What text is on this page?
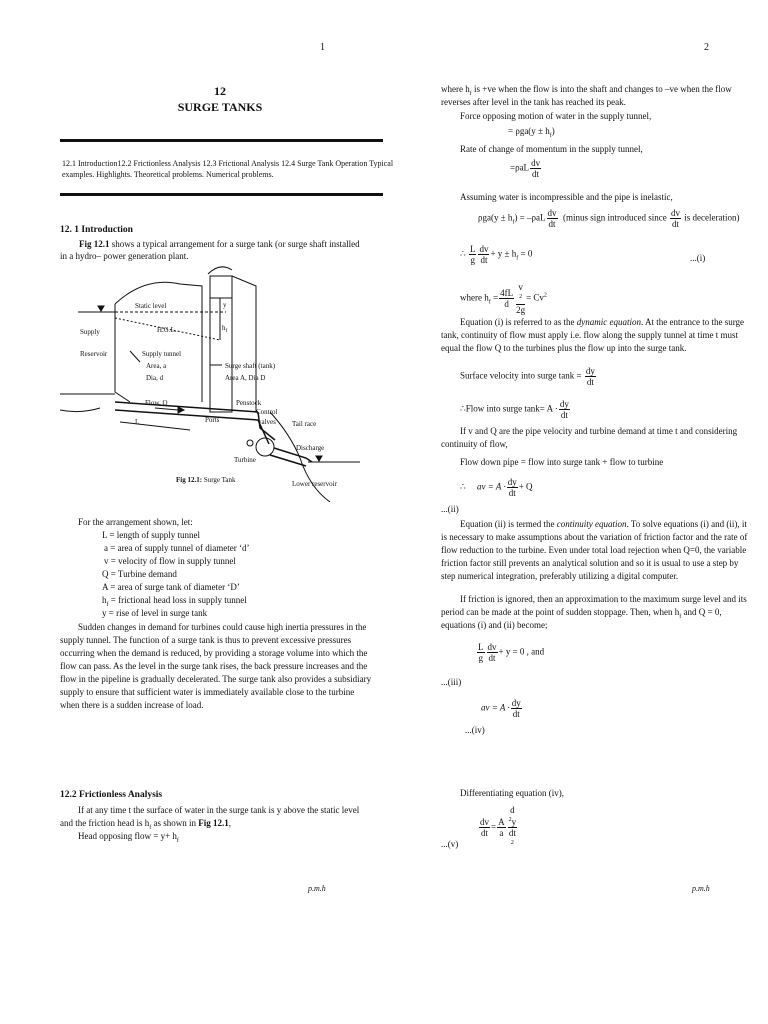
1	2
12
SURGE TANKS
12.1 Introduction12.2 Frictionless Analysis 12.3 Frictional Analysis 12.4 Surge Tank Operation Typical
examples. Highlights. Theoretical problems. Numerical problems.
12. 1 Introduction
Fig 12.1 shows a typical arrangement for a surge tank (or surge shaft installed
in a hydro– power generation plant.
Static level
H.G.L.
Supply
Reservoir	Supply tunnel
Area, a
Dia, d
Flow, Q
L	Ports
y
$h_f$
Surge shaft (tank)
Area A, Dia D
Penstock
Control
valves Tail race
Discharge
Turbine
Lower reservoir
Fig 12.1: Surge Tank
For the arrangement shown, let:
L = length of supply tunnel
a = area of supply tunnel of diameter ‘d’
v = velocity of flow in supply tunnel
Q = Turbine demand
A = area of surge tank of diameter ‘D’
$h_f$ = frictional head loss in supply tunnel
y = rise of level in surge tank
Sudden changes in demand for turbines could cause high inertia pressures in the
supply tunnel. The function of a surge tank is thus to prevent excessive pressures
occurring when the demand is reduced, by providing a storage volume into which the
flow can pass. As the level in the surge tank rises, the back pressure increases and the
flow in the pipeline is gradually decelerated. The surge tank also provides a subsidiary
supply to ensure that sufficient water is immediately available close to the turbine
when there is a sudden increase of load.
12.2 Frictionless Analysis
If at any time t the surface of water in the surge tank is y above the static level
and the friction head is $h_f$ as shown in Fig 12.1,
Head opposing flow = $y+ h_f$
p.m.h
where $h_f$ is +ve when the flow is into the shaft and changes to –ve when the flow
reverses after level in the tank has reached its peak.
Force opposing motion of water in the supply tunnel,
= $\rho ga(y \pm h_f)$
Rate of change of momentum in the supply tunnel,
$=\rho aL \frac{dv}{dt}$
Assuming water is incompressible and the pipe is inelastic,
$\rho ga(y \pm h_f) = -\rho aL \frac{dv}{dt}$ (minus sign introduced since $\frac{dv}{dt}$ is deceleration)
∴ $\frac{L}{g} \frac{dv}{dt} + y \pm h_f = 0$	...(i)
where $h_f = \frac{4fL}{d}$ v
$^2$
$2g = Cv^2$
Equation (i) is referred to as the dynamic equation. At the entrance to the surge
tank, continuity of flow must apply i.e. flow along the supply tunnel at time t must
equal the flow Q to the turbines plus the flow up into the surge tank.
Surface velocity into surge $\tan k = \frac{dy}{dt}$
∴Flow into surge $\tan k= A \cdot \frac{dy}{dt}$
If v and Q are the pipe velocity and turbine demand at time t and considering
continuity of flow,
Flow down pipe = flow into surge tank + flow to turbine
∴ av = $A \cdot \frac{dy}{dt} + Q$
...(ii)
Equation (ii) is termed the continuity equation. To solve equations (i) and (ii), it
is necessary to make assumptions about the variation of friction factor and the rate of
flow reduction to the turbine. Even under total load rejection when Q=0, the variable
friction factor still prevents an analytical solution and so it is usual to use a step by
step numerical integration, preferably utilizing a digital computer.
If friction is ignored, then an approximation to the maximum surge level and its
period can be made at the point of sudden stoppage. Then, when $h_f$ and Q = 0,
equations (i) and (ii) become;
$\frac{L}{g} \frac{dv}{dt} + y = 0$ , and
...(iii)
av = $A \cdot \frac{dy}{dt}$
...(iv)
Differentiating equation (iv),
$\frac{dv}{dt} = \frac{A}{a}$ d
$^2$y
dt
$^2$
...(v)
p.m.h
